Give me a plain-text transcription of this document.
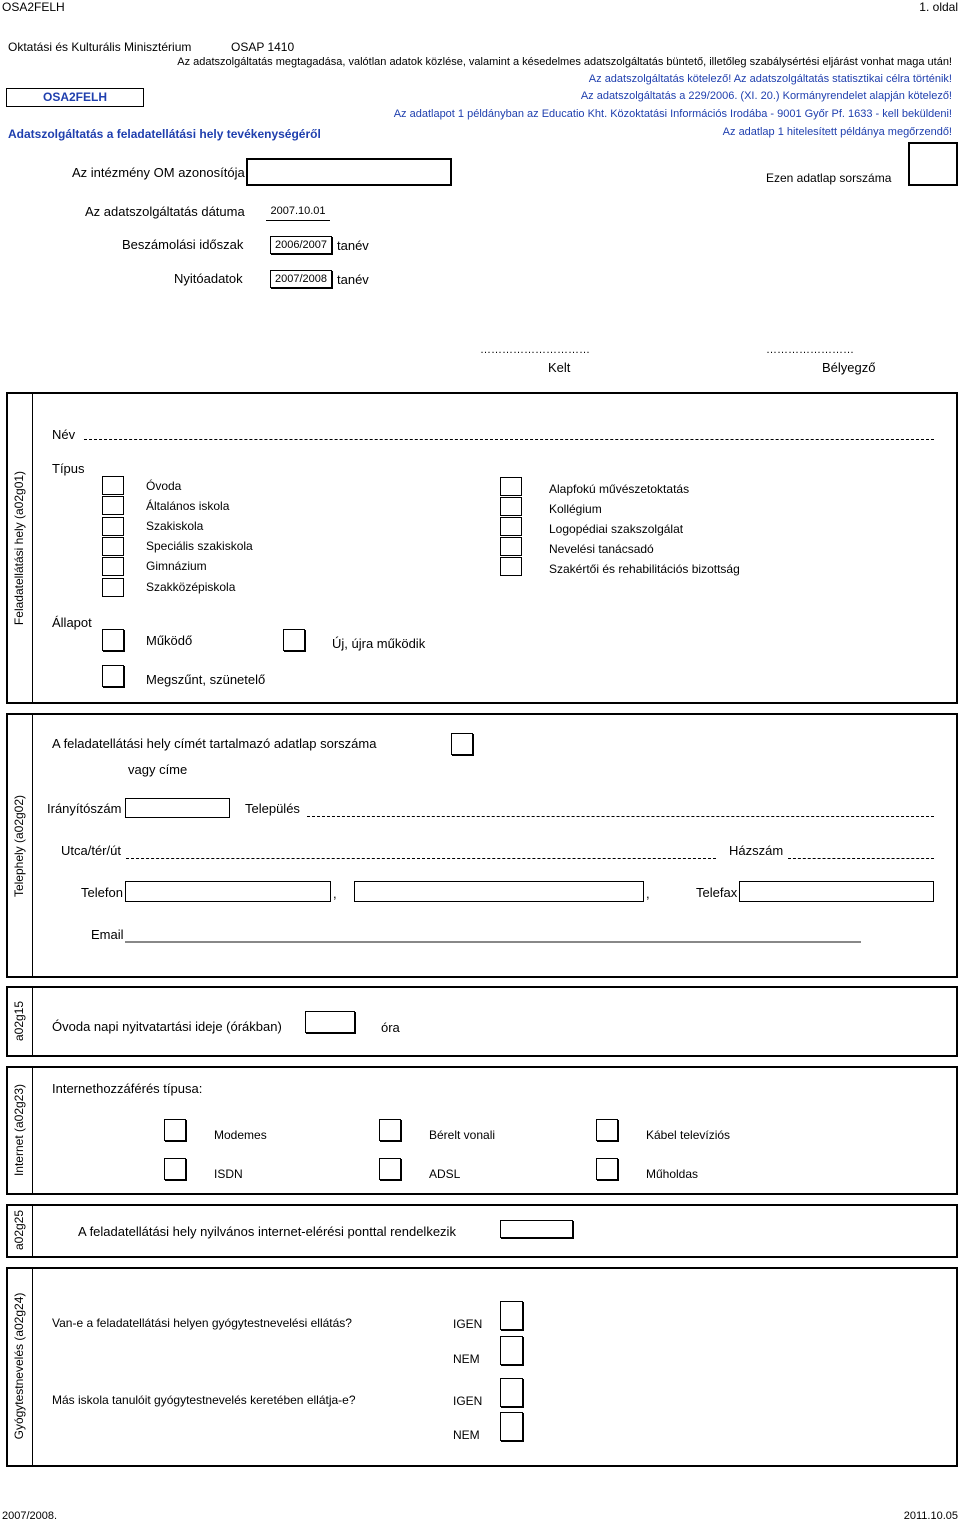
OSA2FELH	1. oldal
Oktatási és Kulturális Minisztérium	OSAP 1410
Az adatszolgáltatás megtagadása, valótlan adatok közlése, valamint a késedelmes adatszolgáltatás büntető, illetőleg szabálysértési eljárást vonhat maga után!
Az adatszolgáltatás kötelező! Az adatszolgáltatás statisztikai célra történik!
Az adatszolgáltatás a 229/2006. (XI. 20.) Kormányrendelet alapján kötelező!
Az adatlapot 1 példányban az Educatio Kht. Közoktatási Információs Irodába - 9001 Győr Pf. 1633 - kell beküldeni!
Az adatlap 1 hitelesített példánya megőrzendő!
OSA2FELH
Adatszolgáltatás a feladatellátási hely tevékenységéről
Az intézmény OM azonosítója	Ezen adatlap sorszáma
Az adatszolgáltatás dátuma	2007.10.01
Beszámolási időszak	2006/2007 tanév
Nyitóadatok	2007/2008 tanév
…………………………
Kelt
……………………
Bélyegző
Feladatellátási hely (a02g01)
Név
Típus
Óvoda
Általános iskola
Szakiskola
Speciális szakiskola
Gimnázium
Szakközépiskola
Alapfokú művészetoktatás
Kollégium
Logopédiai szakszolgálat
Nevelési tanácsadó
Szakértői és rehabilitációs bizottság
Állapot
Működő	Új, újra működik
Megszűnt, szünetelő
Telephely (a02g02)
A feladatellátási hely címét tartalmazó adatlap sorszáma
vagy címe
Irányítószám	Település
Utca/tér/út	Házszám
Telefon	,	,	Telefax
Email
a02g15 Óvoda napi nyitvatartási ideje (órákban)	óra
Internet (a02g23) Internethozzáférés típusa:
Modemes	Bérelt vonali	Kábel televíziós
ISDN	ADSL	Műholdas
a02g25	A feladatellátási hely nyilvános internet-elérési ponttal rendelkezik
Gyógytestnevelés (a02g24) Van-e a feladatellátási helyen gyógytestnevelési ellátás?
Más iskola tanulóit gyógytestnevelés keretében ellátja-e?
IGEN
NEM
IGEN
NEM
2007/2008.	2011.10.05
